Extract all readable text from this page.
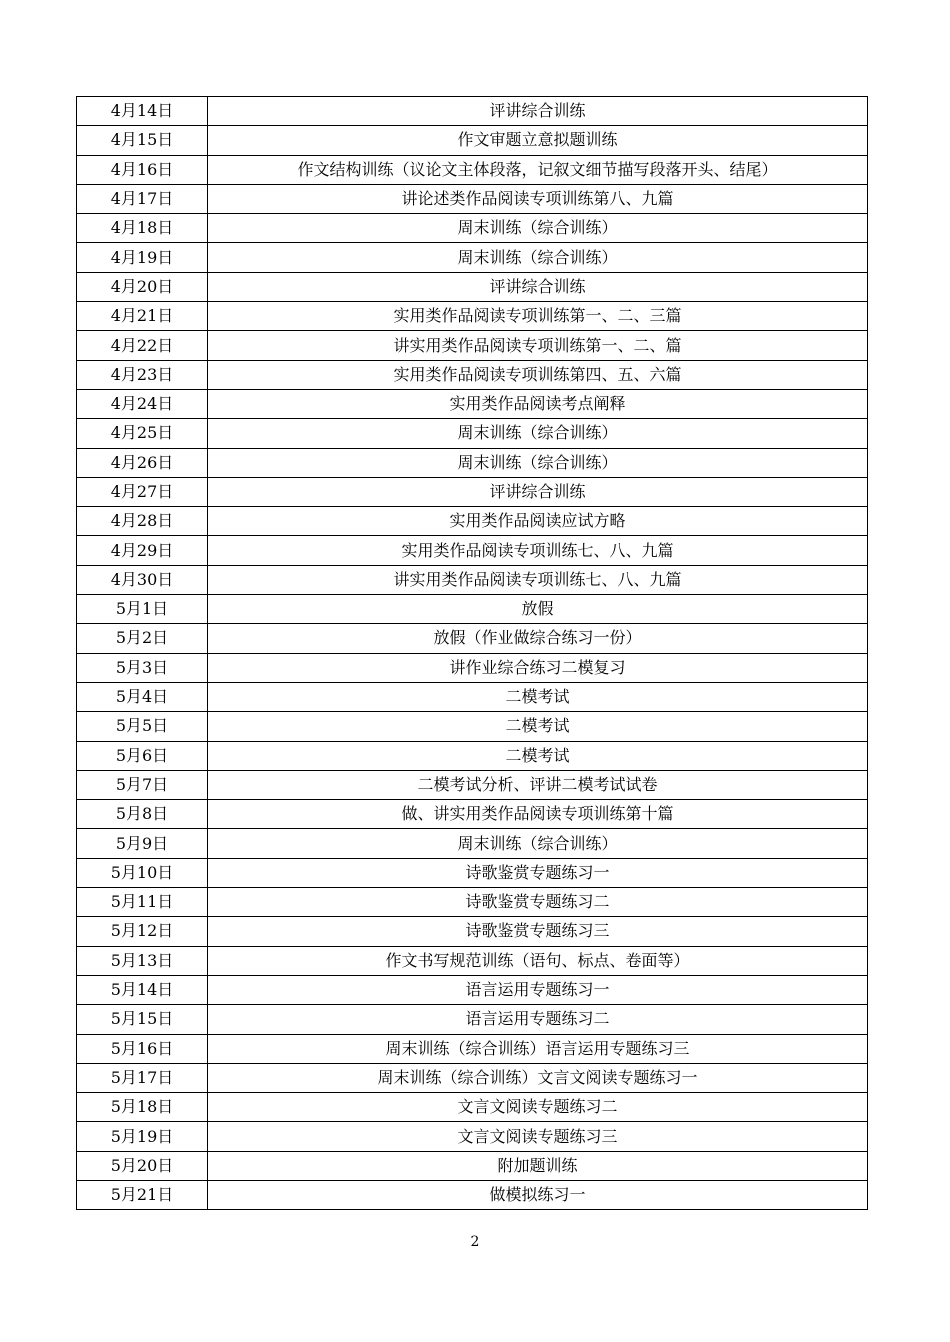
4月14日	评讲综合训练
4月15日	作文审题立意拟题训练
4月16日	作文结构训练（议论文主体段落，记叙文细节描写段落开头、结尾）
4月17日	讲论述类作品阅读专项训练第八、九篇
4月18日	周末训练（综合训练）
4月19日	周末训练（综合训练）
4月20日	评讲综合训练
4月21日	实用类作品阅读专项训练第一、二、三篇
4月22日	讲实用类作品阅读专项训练第一、二、篇
4月23日	实用类作品阅读专项训练第四、五、六篇
4月24日	实用类作品阅读考点阐释
4月25日	周末训练（综合训练）
4月26日	周末训练（综合训练）
4月27日	评讲综合训练
4月28日	实用类作品阅读应试方略
4月29日	实用类作品阅读专项训练七、八、九篇
4月30日	讲实用类作品阅读专项训练七、八、九篇
5月1日	放假
5月2日	放假（作业做综合练习一份）
5月3日	讲作业综合练习二模复习
5月4日	二模考试
5月5日	二模考试
5月6日	二模考试
5月7日	二模考试分析、评讲二模考试试卷
5月8日	做、讲实用类作品阅读专项训练第十篇
5月9日	周末训练（综合训练）
5月10日	诗歌鉴赏专题练习一
5月11日	诗歌鉴赏专题练习二
5月12日	诗歌鉴赏专题练习三
5月13日	作文书写规范训练（语句、标点、卷面等）
5月14日	语言运用专题练习一
5月15日	语言运用专题练习二
5月16日	周末训练（综合训练）语言运用专题练习三
5月17日	周末训练（综合训练）文言文阅读专题练习一
5月18日	文言文阅读专题练习二
5月19日	文言文阅读专题练习三
5月20日	附加题训练
5月21日	做模拟练习一
2
